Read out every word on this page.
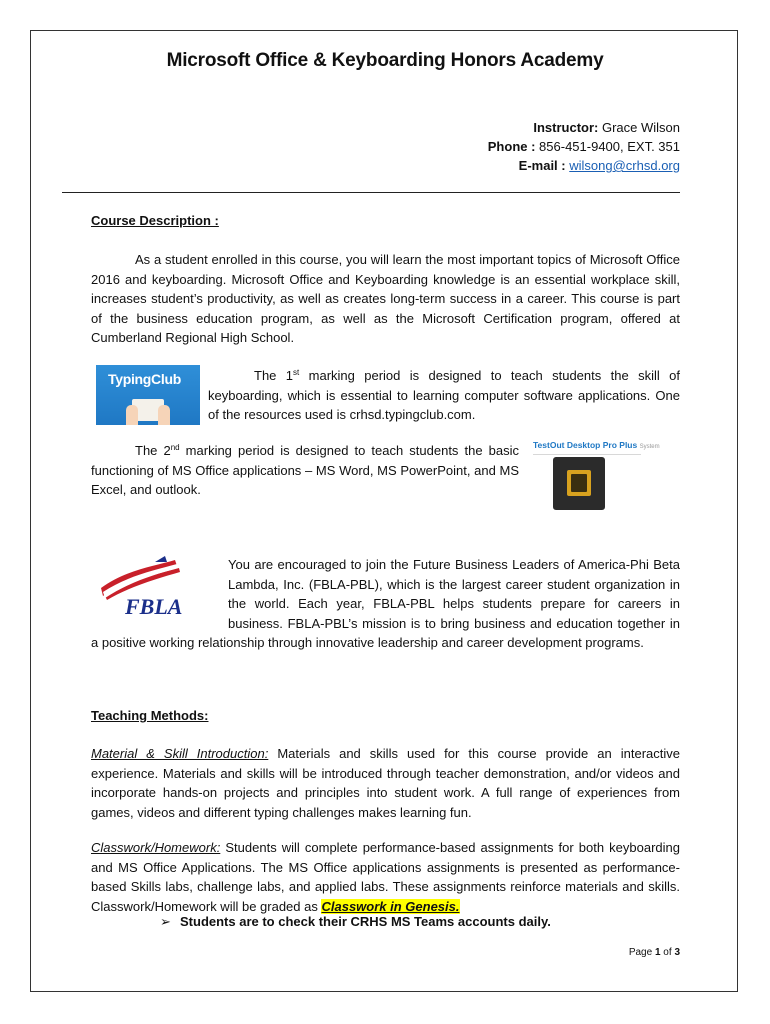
Microsoft Office & Keyboarding Honors Academy
Instructor: Grace Wilson
Phone : 856-451-9400, EXT. 351
E-mail : wilsong@crhsd.org
Course Description :
As a student enrolled in this course, you will learn the most important topics of Microsoft Office 2016 and keyboarding. Microsoft Office and Keyboarding knowledge is an essential workplace skill, increases student’s productivity, as well as creates long-term success in a career. This course is part of the business education program, as well as the Microsoft Certification program, offered at Cumberland Regional High School.
TypingClub	The 1st marking period is designed to teach students the skill of keyboarding, which is essential to learning computer software applications. One of the resources used is crhsd.typingclub.com.
TestOut Desktop Pro Plus System
————————————————————————
The 2nd marking period is designed to teach students the basic functioning of MS Office applications – MS Word, MS PowerPoint, and MS Excel, and outlook.
FBLA
You are encouraged to join the Future Business Leaders of America-Phi Beta Lambda, Inc. (FBLA-PBL), which is the largest career student organization in the world. Each year, FBLA-PBL helps students prepare for careers in business. FBLA-PBL’s mission is to bring business and education together in a positive working relationship through innovative leadership and career development programs.
Teaching Methods:
Material & Skill Introduction: Materials and skills used for this course provide an interactive experience. Materials and skills will be introduced through teacher demonstration, and/or videos and incorporate hands-on projects and principles into student work. A full range of experiences from games, videos and different typing challenges makes learning fun.
Classwork/Homework: Students will complete performance-based assignments for both keyboarding and MS Office Applications. The MS Office applications assignments is presented as performance-based Skills labs, challenge labs, and applied labs. These assignments reinforce materials and skills. Classwork/Homework will be graded as Classwork in Genesis.
➢ Students are to check their CRHS MS Teams accounts daily.
Page 1 of 3
